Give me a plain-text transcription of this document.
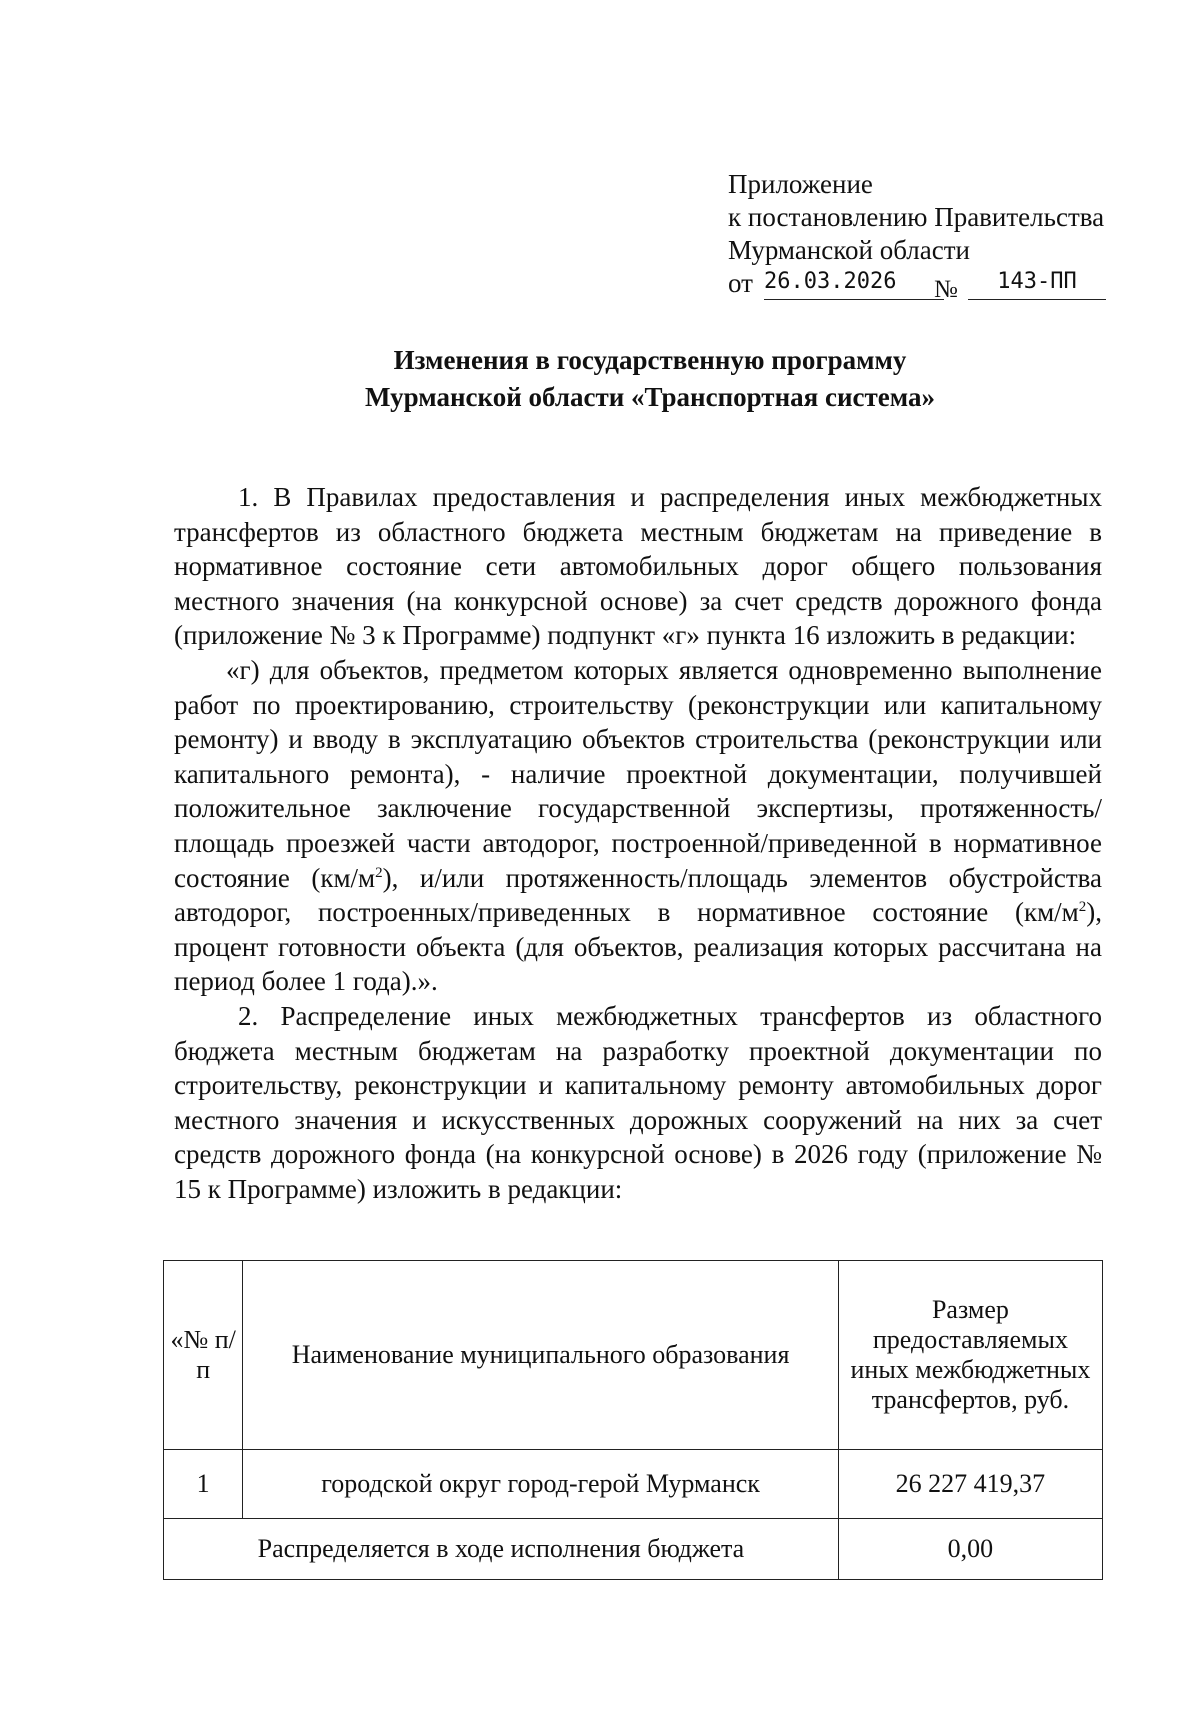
Приложение
к постановлению Правительства
Мурманской области
от 26.03.2026	№	143-ПП
Изменения в государственную программу
Мурманской области «Транспортная система»

1. В Правилах предоставления и распределения иных межбюджетных трансфертов из областного бюджета местным бюджетам на приведение в нормативное состояние сети автомобильных дорог общего пользования местного значения (на конкурсной основе) за счет средств дорожного фонда (приложение № 3 к Программе) подпункт «г» пункта 16 изложить в редакции:

«г) для объектов, предметом которых является одновременно выполнение работ по проектированию, строительству (реконструкции или капитальному ремонту) и вводу в эксплуатацию объектов строительства (реконструкции или капитального ремонта), - наличие проектной документации, получившей положительное заключение государственной экспертизы, протяженность/площадь проезжей части автодорог, построенной/приведенной в нормативное состояние $(км/м^2)$, и/или протяженность/площадь элементов обустройства автодорог, построенных/приведенных в нормативное состояние $(км/м^2)$, процент готовности объекта (для объектов, реализация которых рассчитана на период более 1 года).».

2. Распределение иных межбюджетных трансфертов из областного бюджета местным бюджетам на разработку проектной документации по строительству, реконструкции и капитальному ремонту автомобильных дорог местного значения и искусственных дорожных сооружений на них за счет средств дорожного фонда (на конкурсной основе) в 2026 году (приложение № 15 к Программе) изложить в редакции:

«№ п/п	Наименование муниципального образования	Размер предоставляемых иных межбюджетных трансфертов, руб.
1	городской округ город-герой Мурманск	26 227 419,37
Распределяется в ходе исполнения бюджета		0,00
